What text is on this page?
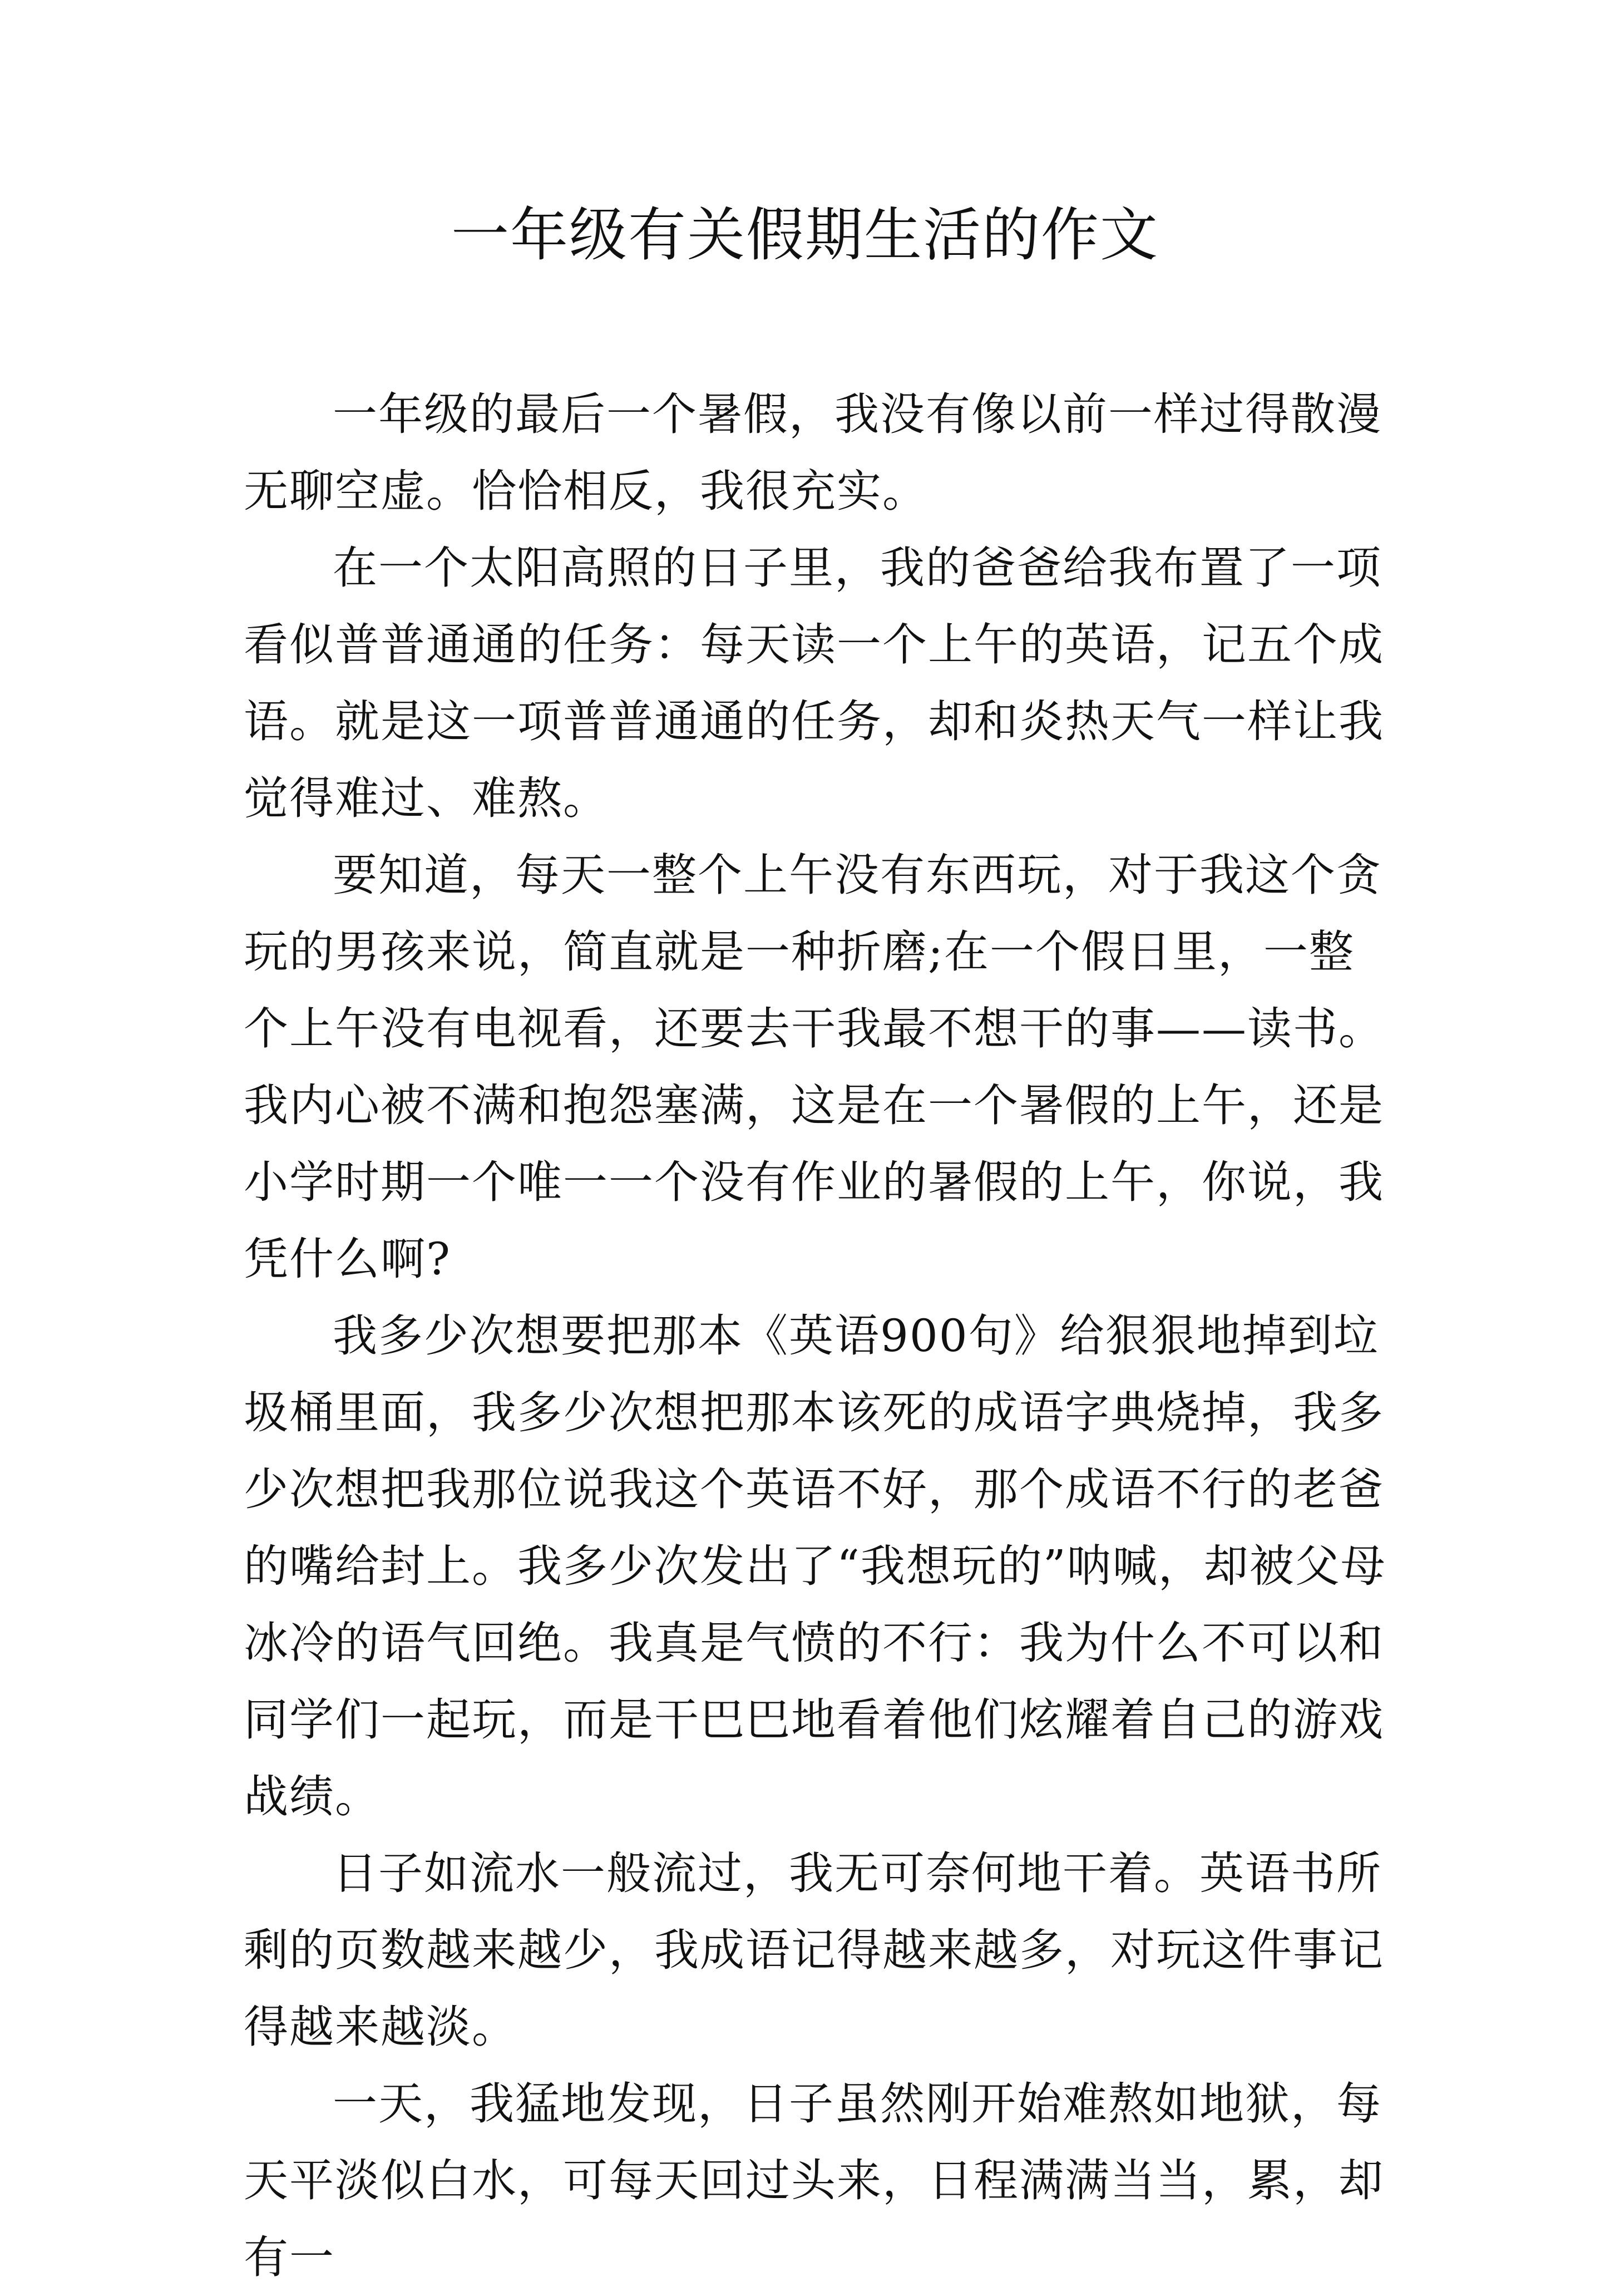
一年级有关假期生活的作文

一年级的最后一个暑假，我没有像以前一样过得散漫无聊空虚。恰恰相反，我很充实。

在一个太阳高照的日子里，我的爸爸给我布置了一项看似普普通通的任务：每天读一个上午的英语，记五个成语。就是这一项普普通通的任务，却和炎热天气一样让我觉得难过、难熬。

要知道，每天一整个上午没有东西玩，对于我这个贪玩的男孩来说，简直就是一种折磨;在一个假日里，一整个上午没有电视看，还要去干我最不想干的事——读书。我内心被不满和抱怨塞满，这是在一个暑假的上午，还是小学时期一个唯一一个没有作业的暑假的上午，你说，我凭什么啊?

我多少次想要把那本《英语900句》给狠狠地掉到垃圾桶里面，我多少次想把那本该死的成语字典烧掉，我多少次想把我那位说我这个英语不好，那个成语不行的老爸的嘴给封上。我多少次发出了“我想玩的”呐喊，却被父母冰冷的语气回绝。我真是气愤的不行：我为什么不可以和同学们一起玩，而是干巴巴地看着他们炫耀着自己的游戏战绩。

日子如流水一般流过，我无可奈何地干着。英语书所剩的页数越来越少，我成语记得越来越多，对玩这件事记得越来越淡。

一天，我猛地发现，日子虽然刚开始难熬如地狱，每天平淡似白水，可每天回过头来，日程满满当当，累，却有一
